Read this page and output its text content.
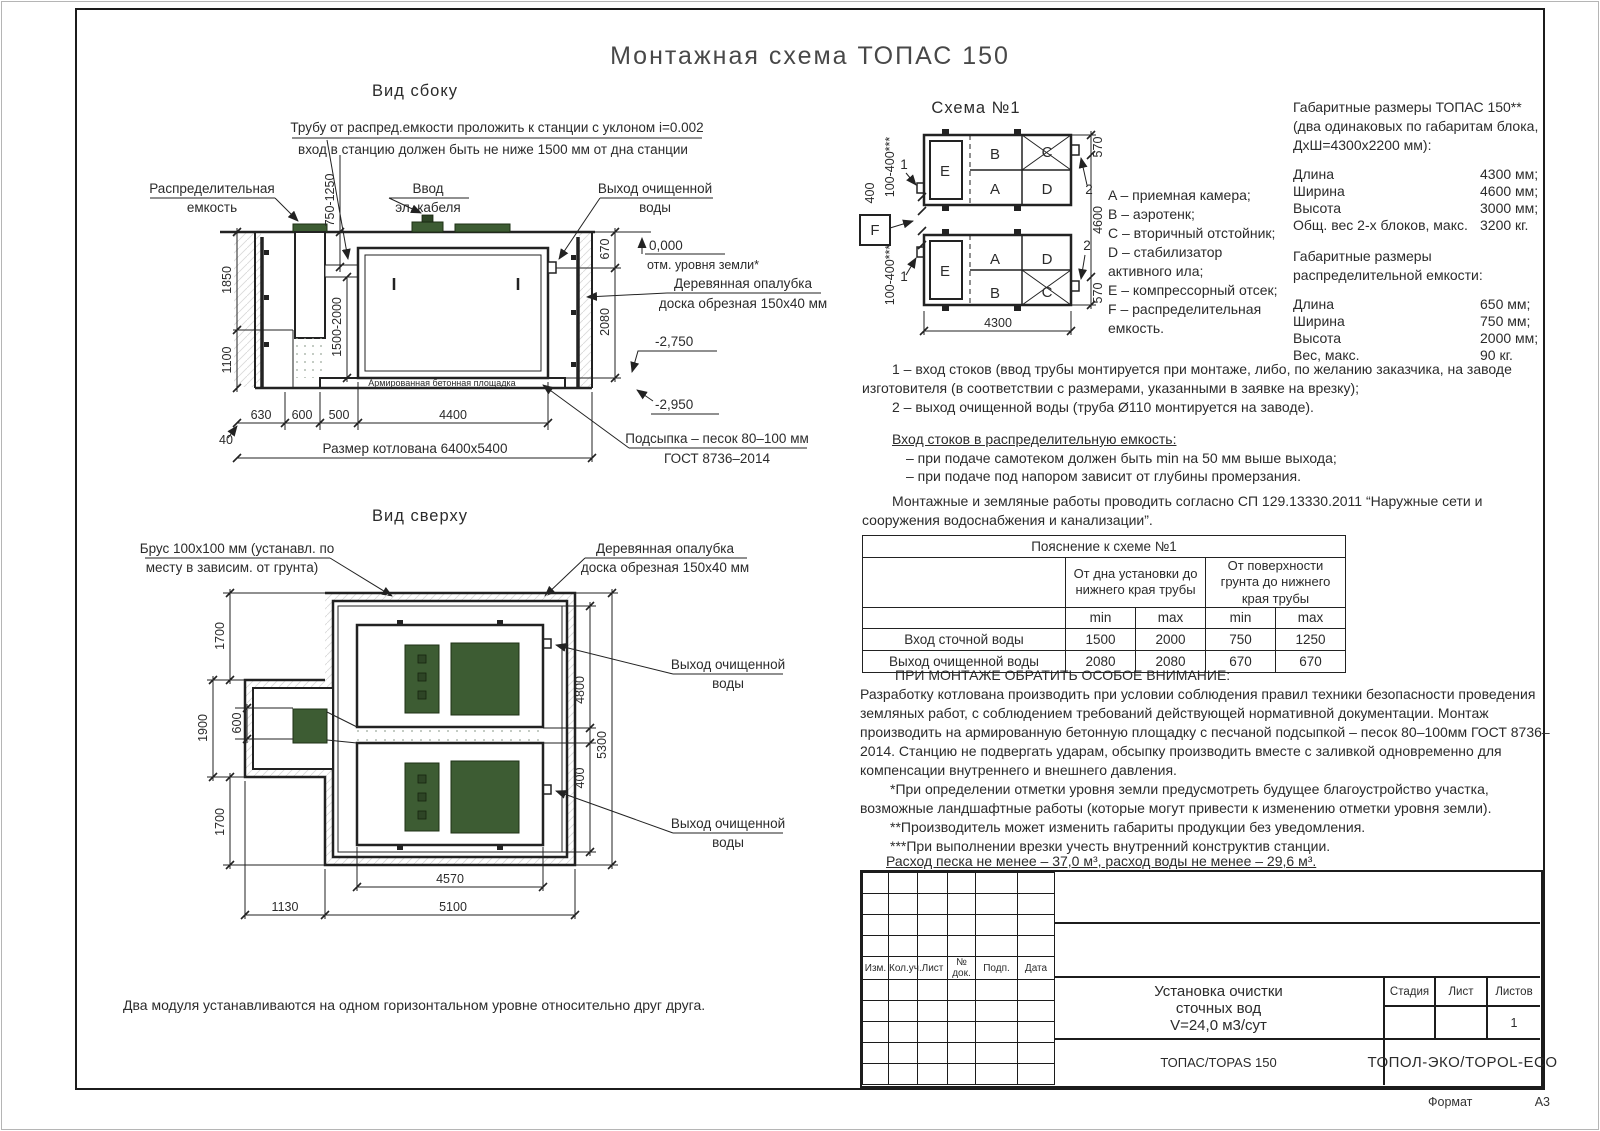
Монтажная схема ТОПАС 150
Вид сбоку
Трубу от распред.емкости проложить к станции с уклоном i=0.002
вход в станцию должен быть не ниже 1500 мм от дна станции
Распределительная
емкость
Ввод
эл. кабеля
Выход очищенной
воды
Армированная бетонная площадка
1850
1100
750-1250
1500-2000
670
2080
0,000
отм. уровня земли*
-2,750
-2,950
Деревянная опалубка
доска обрезная 150х40 мм
Подсыпка – песок 80–100 мм
ГОСТ 8736–2014
630 600 500	4400
40
Размер котлована 6400х5400
Вид сверху
Брус 100х100 мм (устанавл. по
месту в зависим. от грунта)
Деревянная опалубка
доска обрезная 150х40 мм
Выход очищенной
воды
Выход очищенной
воды
1700
1900
1700
600
4800
5300
400
4570
1130	5100
Схема №1
E
B
A
C
D
E
A	D
B	C
F
1
1
2
2
100-400***
400
100-400***
570
4600
570
4300
A – приемная камера;
B – аэротенк;
C – вторичный отстойник;
D – стабилизатор
активного ила;
E – компрессорный отсек;
F – распределительная
емкость.

Габаритные размеры ТОПАС 150**

(два одинаковых по габаритам блока,

ДхШ=4300х2200 мм):

Длина	4300 мм;
Ширина	4600 мм;
Высота	3000 мм;
Общ. вес 2-х блоков, макс. 3200 кг.

Габаритные размеры

распределительной емкости:

Длина	650 мм;
Ширина	750 мм;
Высота	2000 мм;
Вес, макс.	90 кг.
1 – вход стоков (ввод трубы монтируется при монтаже, либо, по желанию заказчика, на заводе изготовителя (в соответствии с размерами, указанными в заявке на врезку);
2 – выход очищенной воды (труба Ø110 монтируется на заводе).
Вход стоков в распределительную емкость:
– при подаче самотеком должен быть min на 50 мм выше выхода;
– при подаче под напором зависит от глубины промерзания.
Монтажные и земляные работы проводить согласно СП 129.13330.2011 “Наружные сети и сооружения водоснабжения и канализации”.
Пояснение к схеме №1				
	От дна установки до нижнего края трубы		От поверхности грунта до нижнего края трубы	
	min	max	min	max
Вход сточной воды	1500	2000	750	1250
Выход очищенной воды	2080	2080	670	670
ПРИ МОНТАЖЕ ОБРАТИТЬ ОСОБОЕ ВНИМАНИЕ:
Разработку котлована производить при условии соблюдения правил техники безопасности проведения земляных работ, с соблюдением требований действующей нормативной документации. Монтаж производить на армированную бетонную площадку с песчаной подсыпкой – песок 80–100мм ГОСТ 8736–2014. Станцию не подвергать ударам, обсыпку производить вместе с заливкой одновременно для компенсации внутреннего и внешнего давления.
*При определении отметки уровня земли предусмотреть будущее благоустройство участка, возможные ландшафтные работы (которые могут привести к изменению отметки уровня земли).
**Производитель может изменить габариты продукции без уведомления.
***При выполнении врезки учесть внутренний конструктив станции.
Расход песка не менее – 37,0 м³, расход воды не менее – 29,6 м³.
Два модуля устанавливаются на одном горизонтальном уровне относительно друг друга.

Изм.	Кол.уч.	Лист	№ док.	Подп.	Дата

Установка очистки
сточных вод
V=24,0 м3/сут
Стадия	Лист	Листов
1
ТОПАС/TOPAS 150	ТОПОЛ-ЭКО/TOPOL-ECO
Формат	А3
